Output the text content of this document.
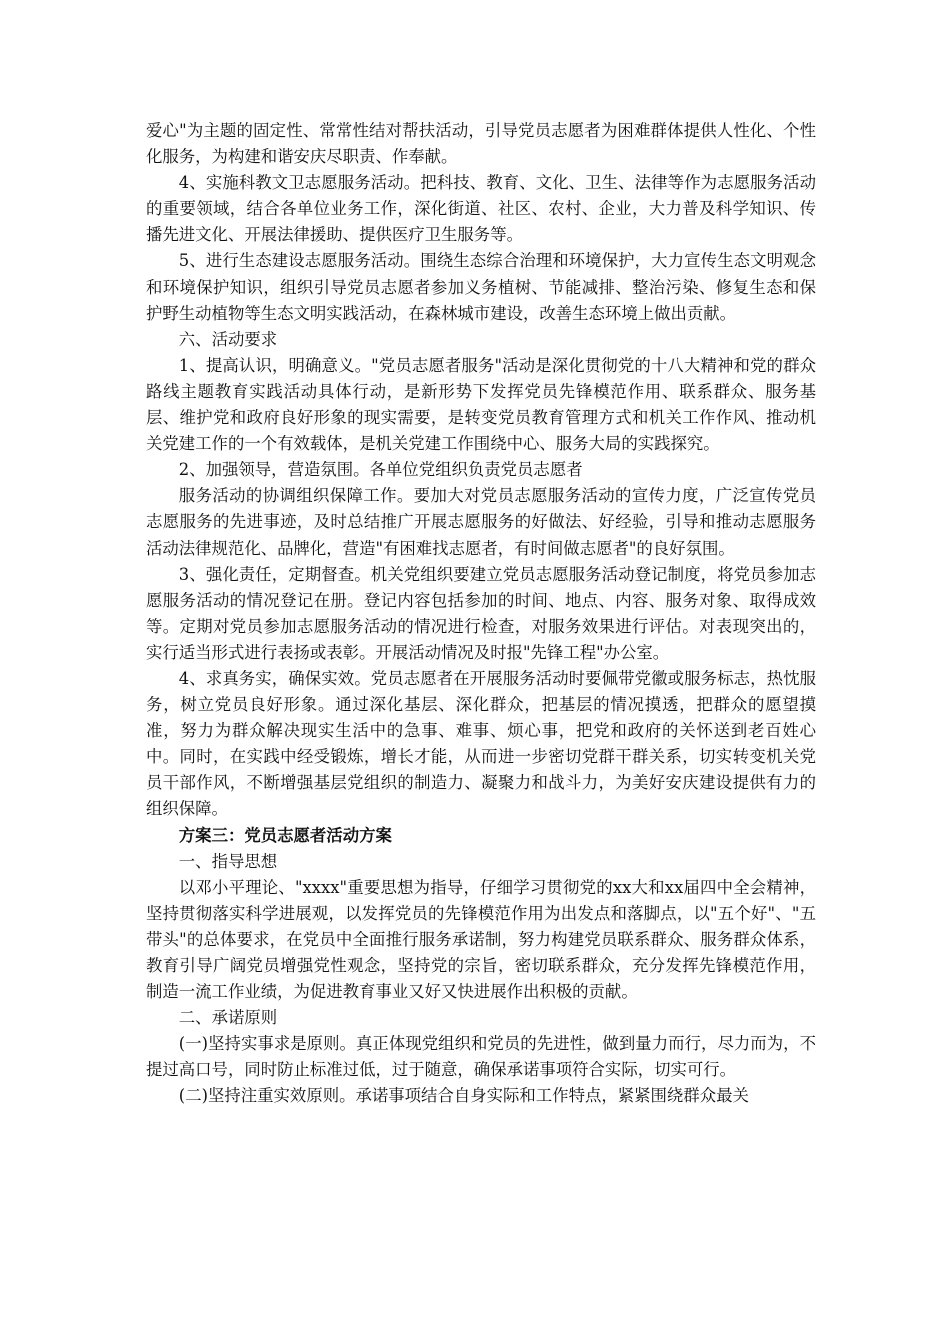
爱心"为主题的固定性、常常性结对帮扶活动，引导党员志愿者为困难群体提供人性化、个性化服务，为构建和谐安庆尽职责、作奉献。

4、实施科教文卫志愿服务活动。把科技、教育、文化、卫生、法律等作为志愿服务活动的重要领域，结合各单位业务工作，深化街道、社区、农村、企业，大力普及科学知识、传播先进文化、开展法律援助、提供医疗卫生服务等。

5、进行生态建设志愿服务活动。围绕生态综合治理和环境保护，大力宣传生态文明观念和环境保护知识，组织引导党员志愿者参加义务植树、节能减排、整治污染、修复生态和保护野生动植物等生态文明实践活动，在森林城市建设，改善生态环境上做出贡献。

六、活动要求

1、提高认识，明确意义。"党员志愿者服务"活动是深化贯彻党的十八大精神和党的群众路线主题教育实践活动具体行动，是新形势下发挥党员先锋模范作用、联系群众、服务基层、维护党和政府良好形象的现实需要，是转变党员教育管理方式和机关工作作风、推动机关党建工作的一个有效载体，是机关党建工作围绕中心、服务大局的实践探究。

2、加强领导，营造氛围。各单位党组织负责党员志愿者

服务活动的协调组织保障工作。要加大对党员志愿服务活动的宣传力度，广泛宣传党员志愿服务的先进事迹，及时总结推广开展志愿服务的好做法、好经验，引导和推动志愿服务活动法律规范化、品牌化，营造"有困难找志愿者，有时间做志愿者"的良好氛围。

3、强化责任，定期督查。机关党组织要建立党员志愿服务活动登记制度，将党员参加志愿服务活动的情况登记在册。登记内容包括参加的时间、地点、内容、服务对象、取得成效等。定期对党员参加志愿服务活动的情况进行检查，对服务效果进行评估。对表现突出的，实行适当形式进行表扬或表彰。开展活动情况及时报"先锋工程"办公室。

4、求真务实，确保实效。党员志愿者在开展服务活动时要佩带党徽或服务标志，热忱服务，树立党员良好形象。通过深化基层、深化群众，把基层的情况摸透，把群众的愿望摸准，努力为群众解决现实生活中的急事、难事、烦心事，把党和政府的关怀送到老百姓心中。同时，在实践中经受锻炼，增长才能，从而进一步密切党群干群关系，切实转变机关党员干部作风，不断增强基层党组织的制造力、凝聚力和战斗力，为美好安庆建设提供有力的组织保障。

方案三：党员志愿者活动方案

一、指导思想

以邓小平理论、"xxxx"重要思想为指导，仔细学习贯彻党的xx大和xx届四中全会精神，坚持贯彻落实科学进展观，以发挥党员的先锋模范作用为出发点和落脚点，以"五个好"、"五带头"的总体要求，在党员中全面推行服务承诺制，努力构建党员联系群众、服务群众体系，教育引导广阔党员增强党性观念，坚持党的宗旨，密切联系群众，充分发挥先锋模范作用，制造一流工作业绩，为促进教育事业又好又快进展作出积极的贡献。

二、承诺原则

(一)坚持实事求是原则。真正体现党组织和党员的先进性，做到量力而行，尽力而为，不提过高口号，同时防止标准过低，过于随意，确保承诺事项符合实际，切实可行。

(二)坚持注重实效原则。承诺事项结合自身实际和工作特点，紧紧围绕群众最关
